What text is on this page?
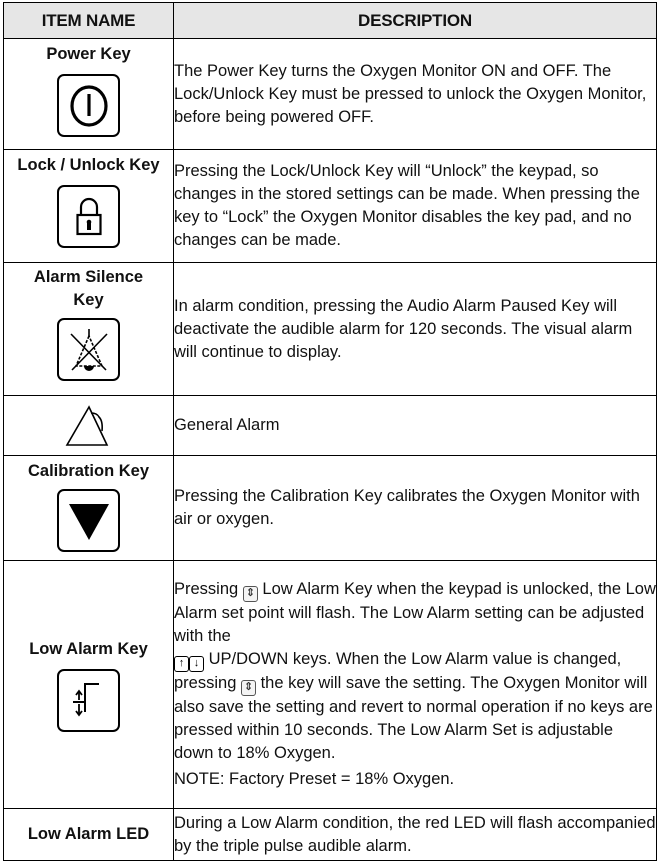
ITEM NAME	DESCRIPTION

Power Key	The Power Key turns the Oxygen Monitor ON and OFF. The Lock/Unlock Key must be pressed to unlock the Oxygen Monitor, before being powered OFF.

Lock / Unlock Key	Pressing the Lock/Unlock Key will “Unlock” the keypad, so changes in the stored settings can be made. When pressing the key to “Lock” the Oxygen Monitor disables the key pad, and no changes can be made.

Alarm Silence Key	In alarm condition, pressing the Audio Alarm Paused Key will deactivate the audible alarm for 120 seconds. The visual alarm will continue to display.

	General Alarm

Calibration Key	Pressing the Calibration Key calibrates the Oxygen Monitor with air or oxygen.

Low Alarm Key	Pressing ⇕ Low Alarm Key when the keypad is unlocked, the Low Alarm set point will flash. The Low Alarm setting can be adjusted with the
↑ ↓ UP/DOWN keys. When the Low Alarm value is changed, pressing ⇕ the key will save the setting. The Oxygen Monitor will also save the setting and revert to normal operation if no keys are pressed within 10 seconds. The Low Alarm Set is adjustable down to 18% Oxygen.

NOTE: Factory Preset = 18% Oxygen.

Low Alarm LED	During a Low Alarm condition, the red LED will flash accompanied by the triple pulse audible alarm.
